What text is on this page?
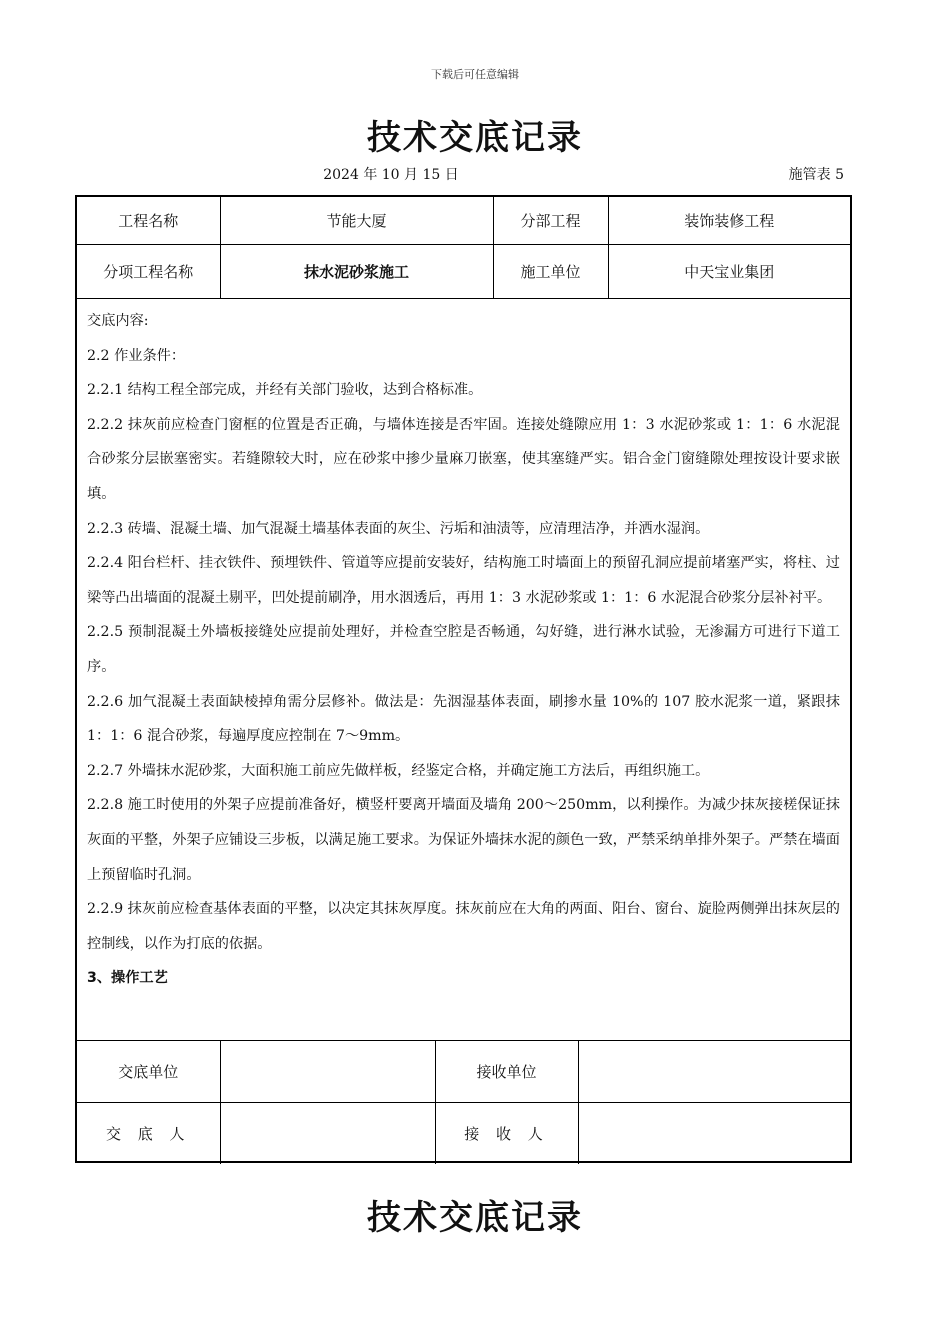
下载后可任意编辑
技术交底记录
2024 年 10 月 15 日	施管表 5
工程名称	节能大厦	分部工程	装饰装修工程
分项工程名称	抹水泥砂浆施工	施工单位	中天宝业集团

交底内容:

2.2 作业条件：

2.2.1 结构工程全部完成，并经有关部门验收，达到合格标准。

2.2.2 抹灰前应检查门窗框的位置是否正确，与墙体连接是否牢固。连接处缝隙应用 1：3 水泥砂浆或 1：1：6 水泥混合砂浆分层嵌塞密实。若缝隙较大时，应在砂浆中掺少量麻刀嵌塞，使其塞缝严实。铝合金门窗缝隙处理按设计要求嵌填。

2.2.3 砖墙、混凝土墙、加气混凝土墙基体表面的灰尘、污垢和油渍等，应清理洁净，并洒水湿润。

2.2.4 阳台栏杆、挂衣铁件、预埋铁件、管道等应提前安装好，结构施工时墙面上的预留孔洞应提前堵塞严实，将柱、过梁等凸出墙面的混凝土剔平，凹处提前刷净，用水洇透后，再用 1：3 水泥砂浆或 1：1：6 水泥混合砂浆分层补衬平。

2.2.5 预制混凝土外墙板接缝处应提前处理好，并检查空腔是否畅通，勾好缝，进行淋水试验，无渗漏方可进行下道工序。

2.2.6 加气混凝土表面缺棱掉角需分层修补。做法是：先洇湿基体表面，刷掺水量 10%的 107 胶水泥浆一道，紧跟抹 1：1：6 混合砂浆，每遍厚度应控制在 7～9mm。

2.2.7 外墙抹水泥砂浆，大面积施工前应先做样板，经鉴定合格，并确定施工方法后，再组织施工。

2.2.8 施工时使用的外架子应提前准备好，横竖杆要离开墙面及墙角 200～250mm，以利操作。为减少抹灰接槎保证抹灰面的平整，外架子应铺设三步板，以满足施工要求。为保证外墙抹水泥的颜色一致，严禁采纳单排外架子。严禁在墙面上预留临时孔洞。

2.2.9 抹灰前应检查基体表面的平整，以决定其抹灰厚度。抹灰前应在大角的两面、阳台、窗台、旋脸两侧弹出抹灰层的控制线，以作为打底的依据。

3、操作工艺

交底单位		接收单位	
交 底 人		接 收 人	
技术交底记录
